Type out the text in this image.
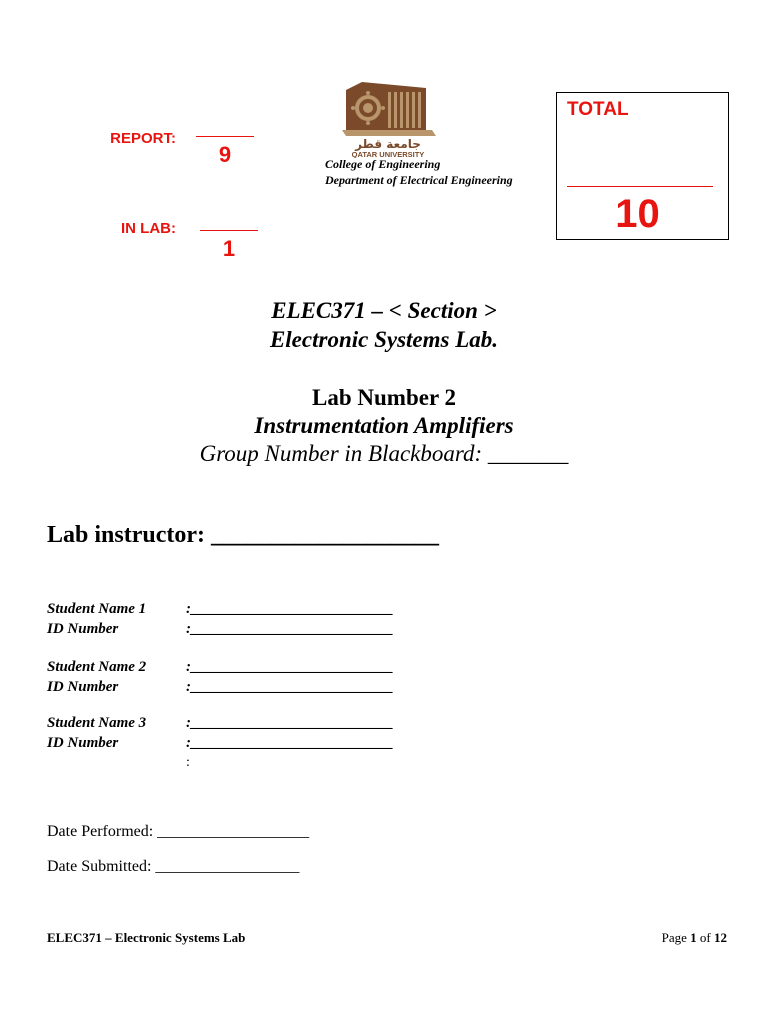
REPORT:
9
IN LAB:
1
جامعة قطر
QATAR UNIVERSITY
College of Engineering
Department of Electrical Engineering
TOTAL
10
ELEC371 – < Section >
Electronic Systems Lab.
Lab Number 2
Instrumentation Amplifiers
Group Number in Blackboard: _______
Lab instructor: ___________________
Student Name 1	:___________________________
ID Number	:___________________________
Student Name 2	:___________________________
ID Number	:___________________________
Student Name 3	:___________________________
ID Number	:___________________________
:
Date Performed: ___________________
Date Submitted: __________________
ELEC371 – Electronic Systems Lab	Page 1 of 12
